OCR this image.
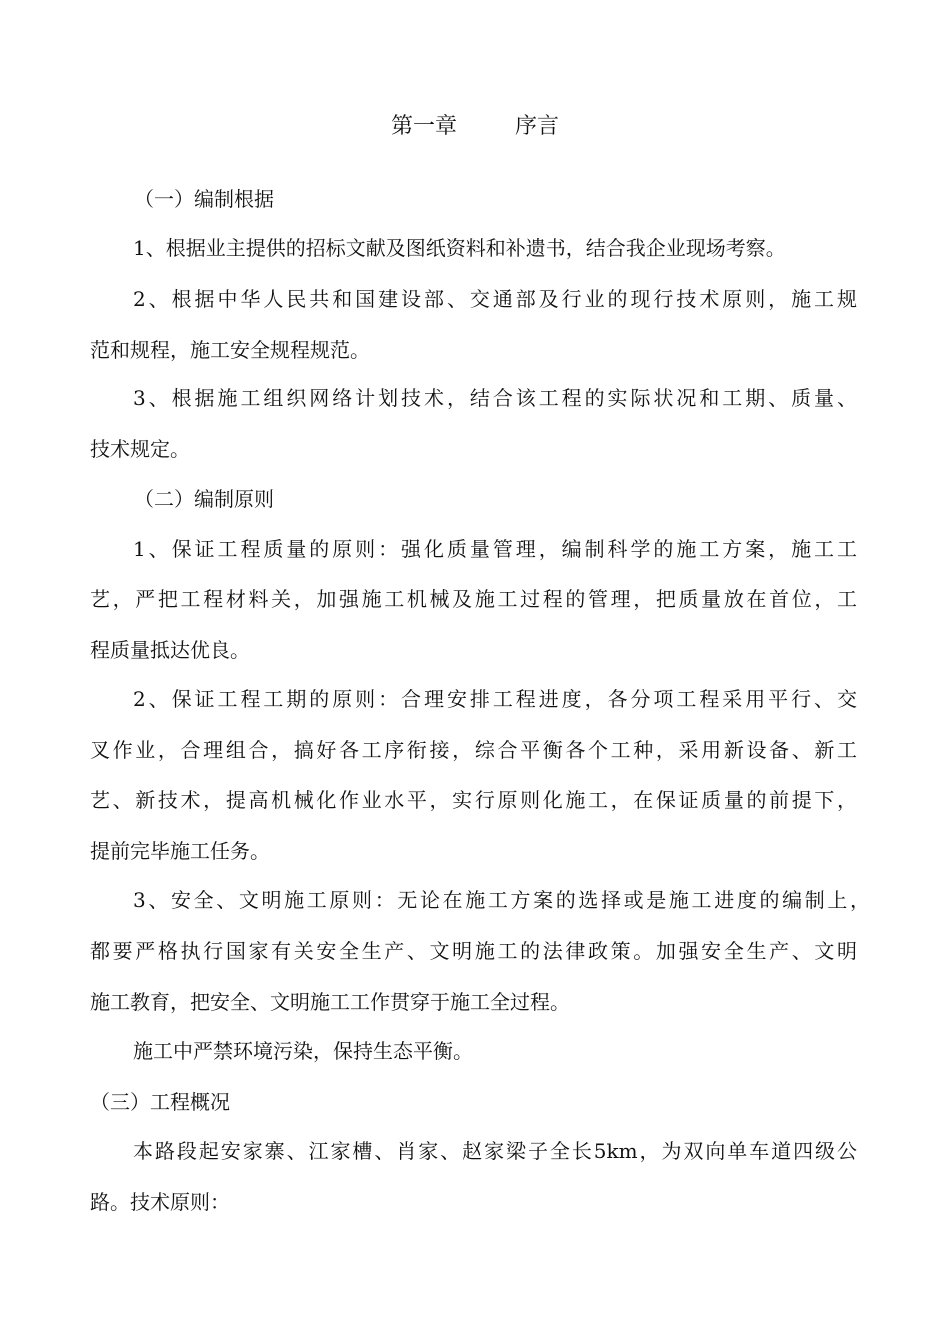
第一章	序言
（一）编制根据
1、根据业主提供的招标文献及图纸资料和补遗书，结合我企业现场考察。
2、根据中华人民共和国建设部、交通部及行业的现行技术原则，施工规
范和规程，施工安全规程规范。
3、根据施工组织网络计划技术，结合该工程的实际状况和工期、质量、
技术规定。
（二）编制原则
1、保证工程质量的原则：强化质量管理，编制科学的施工方案，施工工
艺，严把工程材料关，加强施工机械及施工过程的管理，把质量放在首位，工
程质量抵达优良。
2、保证工程工期的原则：合理安排工程进度，各分项工程采用平行、交
叉作业，合理组合，搞好各工序衔接，综合平衡各个工种，采用新设备、新工
艺、新技术，提高机械化作业水平，实行原则化施工，在保证质量的前提下，
提前完毕施工任务。
3、安全、文明施工原则：无论在施工方案的选择或是施工进度的编制上，
都要严格执行国家有关安全生产、文明施工的法律政策。加强安全生产、文明
施工教育，把安全、文明施工工作贯穿于施工全过程。
施工中严禁环境污染，保持生态平衡。
（三）工程概况
本路段起安家寨、江家槽、肖家、赵家梁子全长5km，为双向单车道四级公
路。技术原则：
